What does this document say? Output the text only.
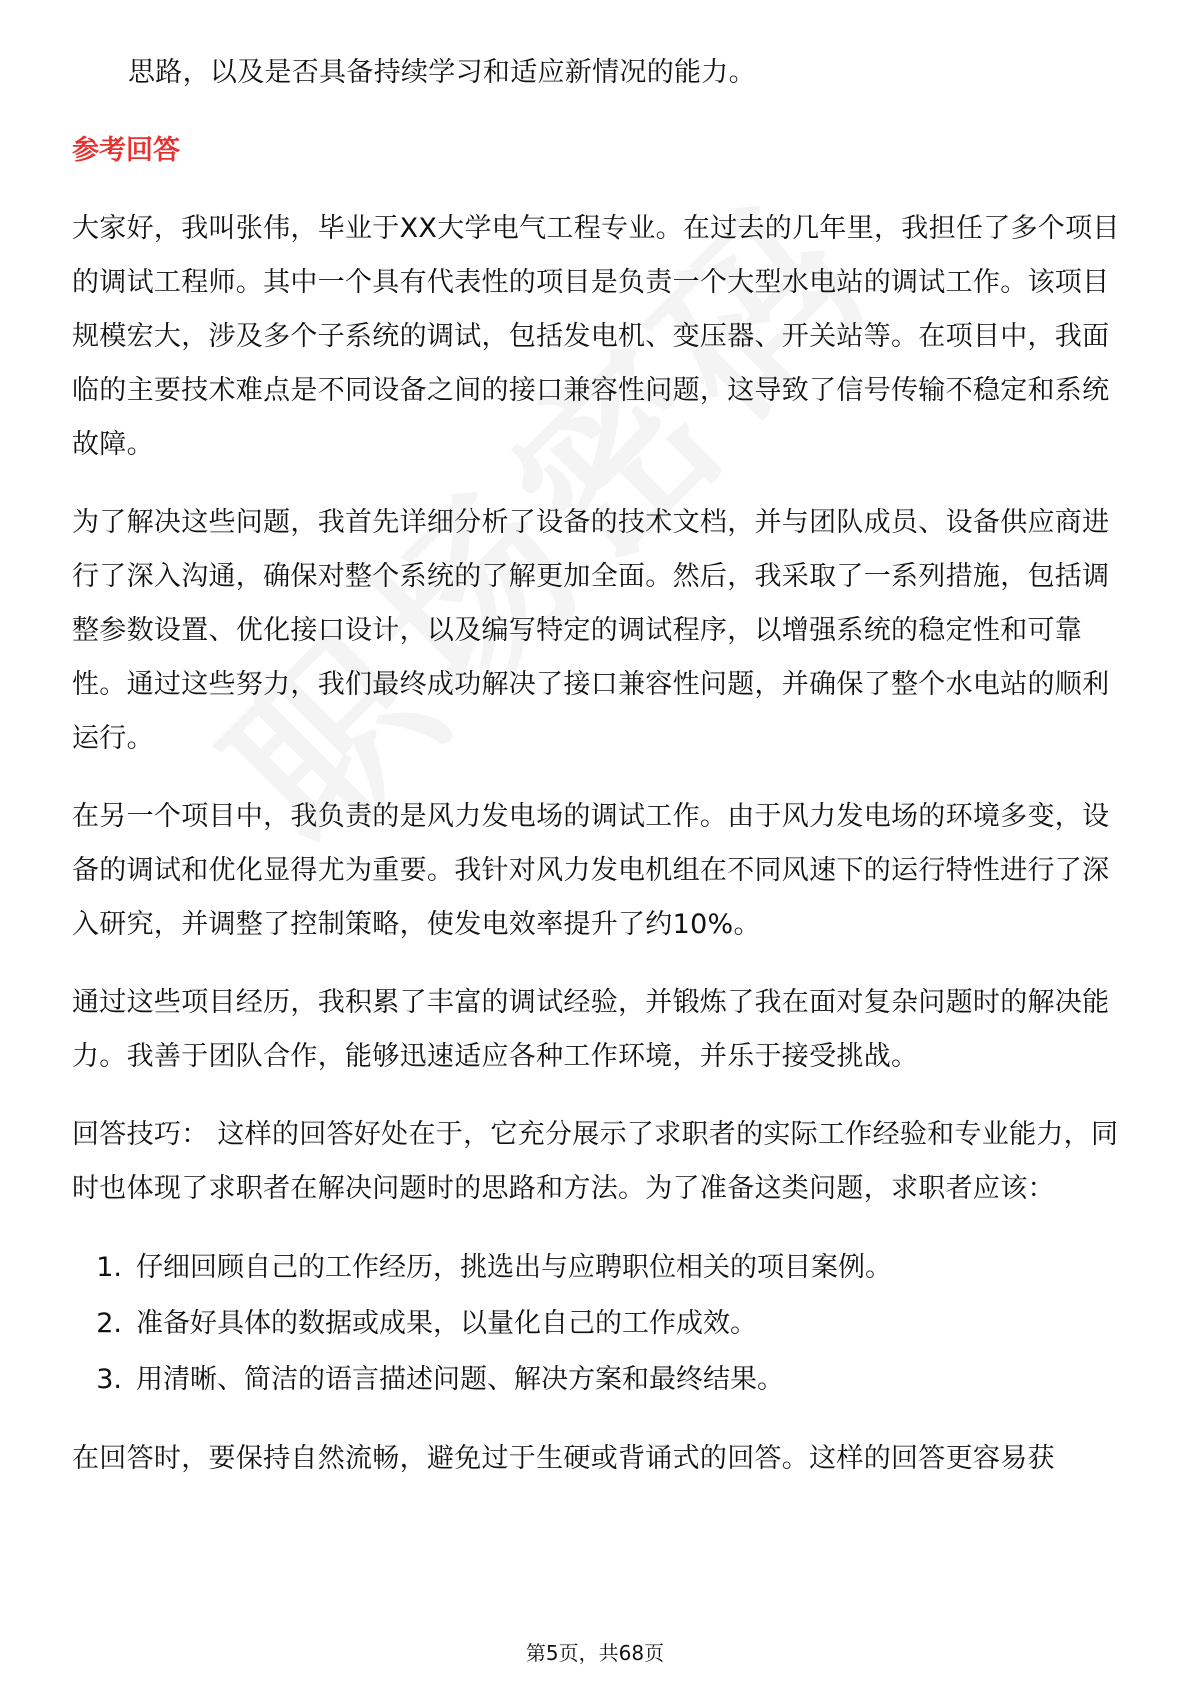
思路，以及是否具备持续学习和适应新情况的能力。

参考回答

大家好，我叫张伟，毕业于XX大学电气工程专业。在过去的几年里，我担任了多个项目的调试工程师。其中一个具有代表性的项目是负责一个大型水电站的调试工作。该项目规模宏大，涉及多个子系统的调试，包括发电机、变压器、开关站等。在项目中，我面临的主要技术难点是不同设备之间的接口兼容性问题，这导致了信号传输不稳定和系统故障。

为了解决这些问题，我首先详细分析了设备的技术文档，并与团队成员、设备供应商进行了深入沟通，确保对整个系统的了解更加全面。然后，我采取了一系列措施，包括调整参数设置、优化接口设计，以及编写特定的调试程序，以增强系统的稳定性和可靠性。通过这些努力，我们最终成功解决了接口兼容性问题，并确保了整个水电站的顺利运行。

在另一个项目中，我负责的是风力发电场的调试工作。由于风力发电场的环境多变，设备的调试和优化显得尤为重要。我针对风力发电机组在不同风速下的运行特性进行了深入研究，并调整了控制策略，使发电效率提升了约10%。

通过这些项目经历，我积累了丰富的调试经验，并锻炼了我在面对复杂问题时的解决能力。我善于团队合作，能够迅速适应各种工作环境，并乐于接受挑战。

回答技巧： 这样的回答好处在于，它充分展示了求职者的实际工作经验和专业能力，同时也体现了求职者在解决问题时的思路和方法。为了准备这类问题，求职者应该：

1. 仔细回顾自己的工作经历，挑选出与应聘职位相关的项目案例。
2. 准备好具体的数据或成果，以量化自己的工作成效。
3. 用清晰、简洁的语言描述问题、解决方案和最终结果。

在回答时，要保持自然流畅，避免过于生硬或背诵式的回答。这样的回答更容易获

第5页，共68页
